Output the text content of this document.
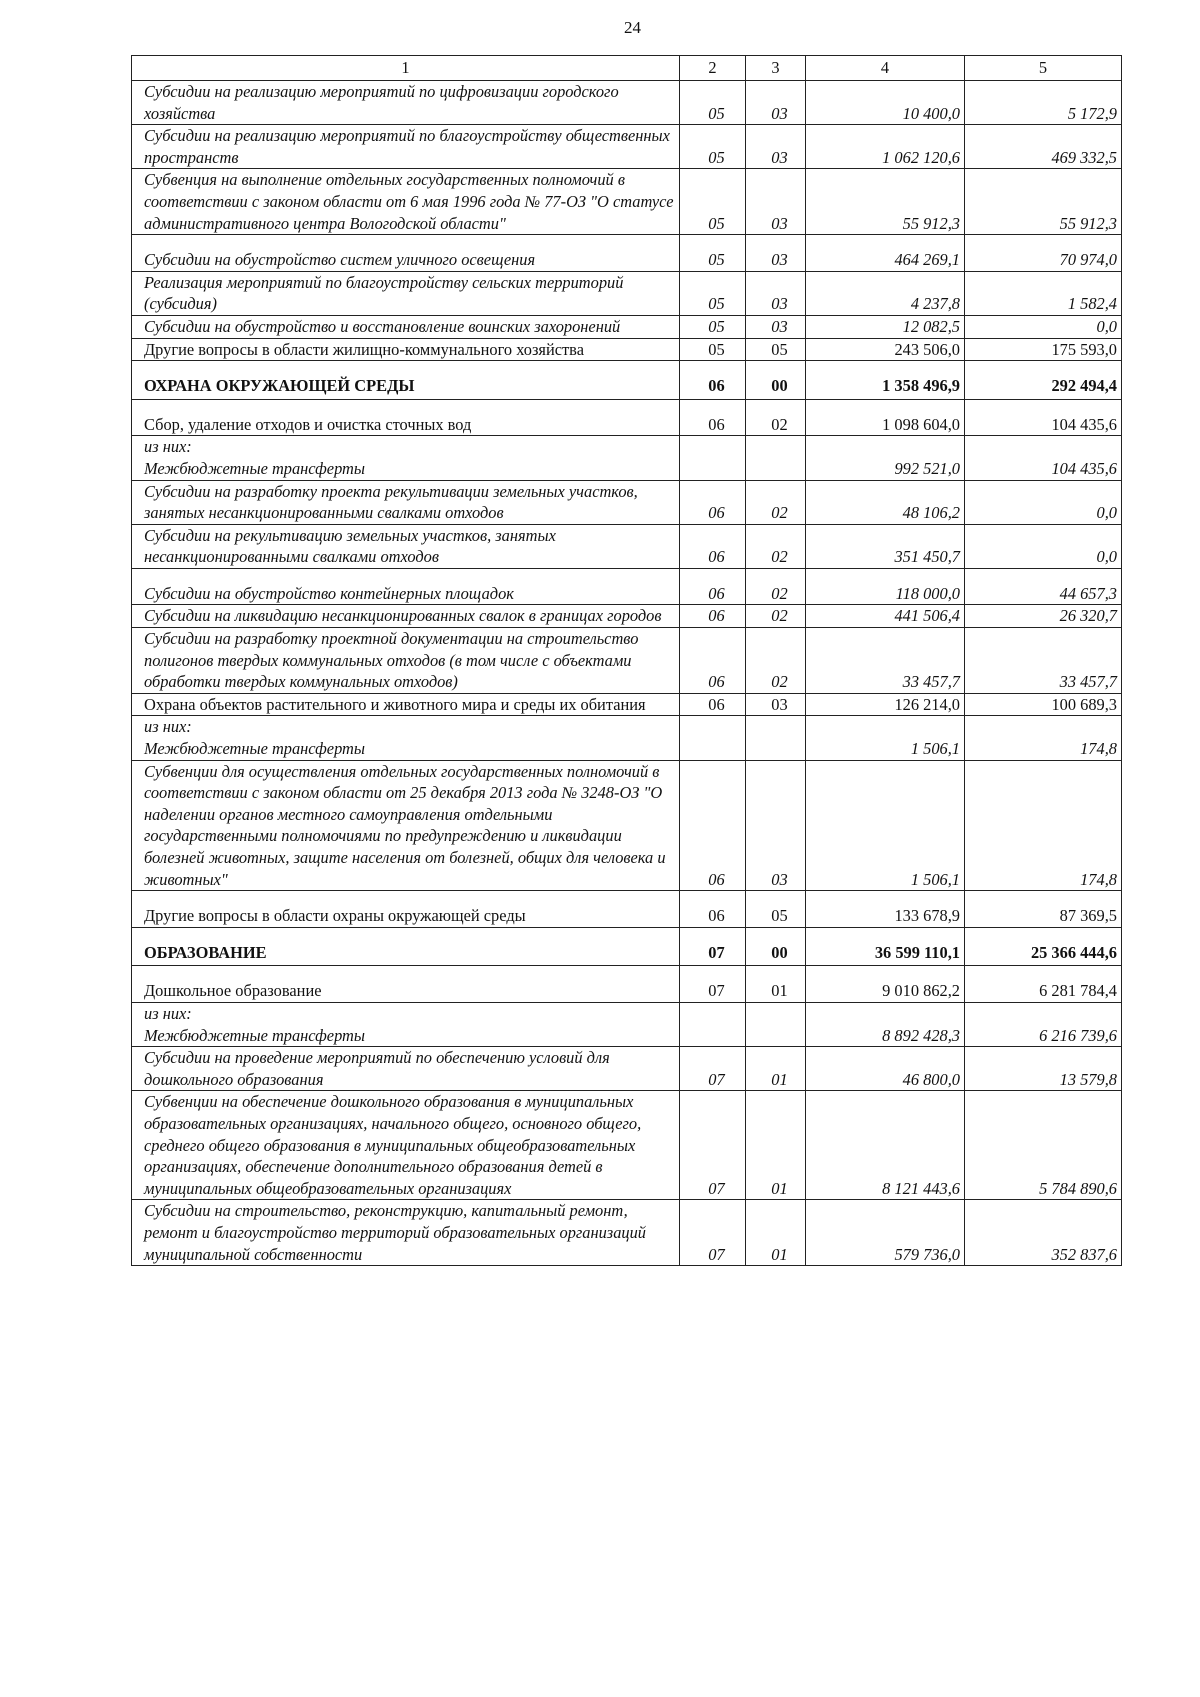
24
1	2	3	4	5
Субсидии на реализацию мероприятий по цифровизации городского хозяйства	05	03	10 400,0	5 172,9
Субсидии на реализацию мероприятий по благоустройству общественных пространств	05	03	1 062 120,6	469 332,5
Субвенция на выполнение отдельных государственных полномочий в соответствии с законом области от 6 мая 1996 года № 77-ОЗ "О статусе административного центра Вологодской области"	05	03	55 912,3	55 912,3
Субсидии на обустройство систем уличного освещения	05	03	464 269,1	70 974,0
Реализация мероприятий по благоустройству сельских территорий (субсидия)	05	03	4 237,8	1 582,4
Субсидии на обустройство и восстановление воинских захоронений	05	03	12 082,5	0,0
Другие вопросы в области жилищно-коммунального хозяйства	05	05	243 506,0	175 593,0
ОХРАНА ОКРУЖАЮЩЕЙ СРЕДЫ	06	00	1 358 496,9	292 494,4
Сбор, удаление отходов и очистка сточных вод	06	02	1 098 604,0	104 435,6

из них:
Межбюджетные трансферты			992 521,0	104 435,6
Субсидии на разработку проекта рекультивации земельных участков, занятых несанкционированными свалками отходов	06	02	48 106,2	0,0
Субсидии на рекультивацию земельных участков, занятых несанкционированными свалками отходов	06	02	351 450,7	0,0
Субсидии на обустройство контейнерных площадок	06	02	118 000,0	44 657,3
Субсидии на ликвидацию несанкционированных свалок в границах городов	06	02	441 506,4	26 320,7
Субсидии на разработку проектной документации на строительство полигонов твердых коммунальных отходов (в том числе с объектами обработки твердых коммунальных отходов)	06	02	33 457,7	33 457,7
Охрана объектов растительного и животного мира и среды их обитания	06	03	126 214,0	100 689,3

из них:
Межбюджетные трансферты			1 506,1	174,8
Субвенции для осуществления отдельных государственных полномочий в соответствии с законом области от 25 декабря 2013 года № 3248-ОЗ "О наделении органов местного самоуправления отдельными государственными полномочиями по предупреждению и ликвидации болезней животных, защите населения от болезней, общих для человека и животных"	06	03	1 506,1	174,8
Другие вопросы в области охраны окружающей среды	06	05	133 678,9	87 369,5
ОБРАЗОВАНИЕ	07	00	36 599 110,1	25 366 444,6
Дошкольное образование	07	01	9 010 862,2	6 281 784,4

из них:
Межбюджетные трансферты			8 892 428,3	6 216 739,6
Субсидии на проведение мероприятий по обеспечению условий для дошкольного образования	07	01	46 800,0	13 579,8
Субвенции на обеспечение дошкольного образования в муниципальных образовательных организациях, начального общего, основного общего, среднего общего образования в муниципальных общеобразовательных организациях, обеспечение дополнительного образования детей в муниципальных общеобразовательных организациях	07	01	8 121 443,6	5 784 890,6
Субсидии на строительство, реконструкцию, капитальный ремонт, ремонт и благоустройство территорий образовательных организаций муниципальной собственности	07	01	579 736,0	352 837,6
